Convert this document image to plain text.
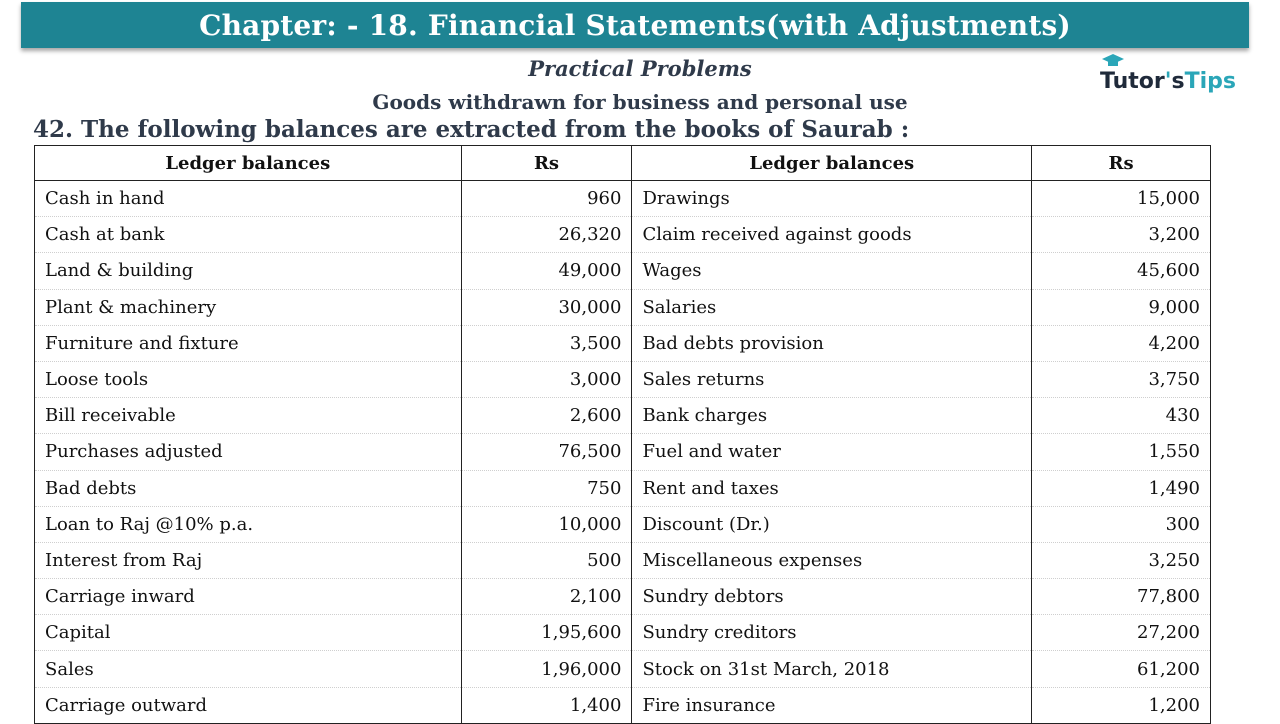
Chapter: - 18. Financial Statements(with Adjustments)
Practical Problems
Goods withdrawn for business and personal use
42. The following balances are extracted from the books of Saurab :
Tutor'sTips
Ledger balances	Rs	Ledger balances	Rs
Cash in hand	960	Drawings	15,000
Cash at bank	26,320	Claim received against goods	3,200
Land & building	49,000	Wages	45,600
Plant & machinery	30,000	Salaries	9,000
Furniture and fixture	3,500	Bad debts provision	4,200
Loose tools	3,000	Sales returns	3,750
Bill receivable	2,600	Bank charges	430
Purchases adjusted	76,500	Fuel and water	1,550
Bad debts	750	Rent and taxes	1,490
Loan to Raj @10% p.a.	10,000	Discount (Dr.)	300
Interest from Raj	500	Miscellaneous expenses	3,250
Carriage inward	2,100	Sundry debtors	77,800
Capital	1,95,600	Sundry creditors	27,200
Sales	1,96,000	Stock on 31st March, 2018	61,200
Carriage outward	1,400	Fire insurance	1,200
